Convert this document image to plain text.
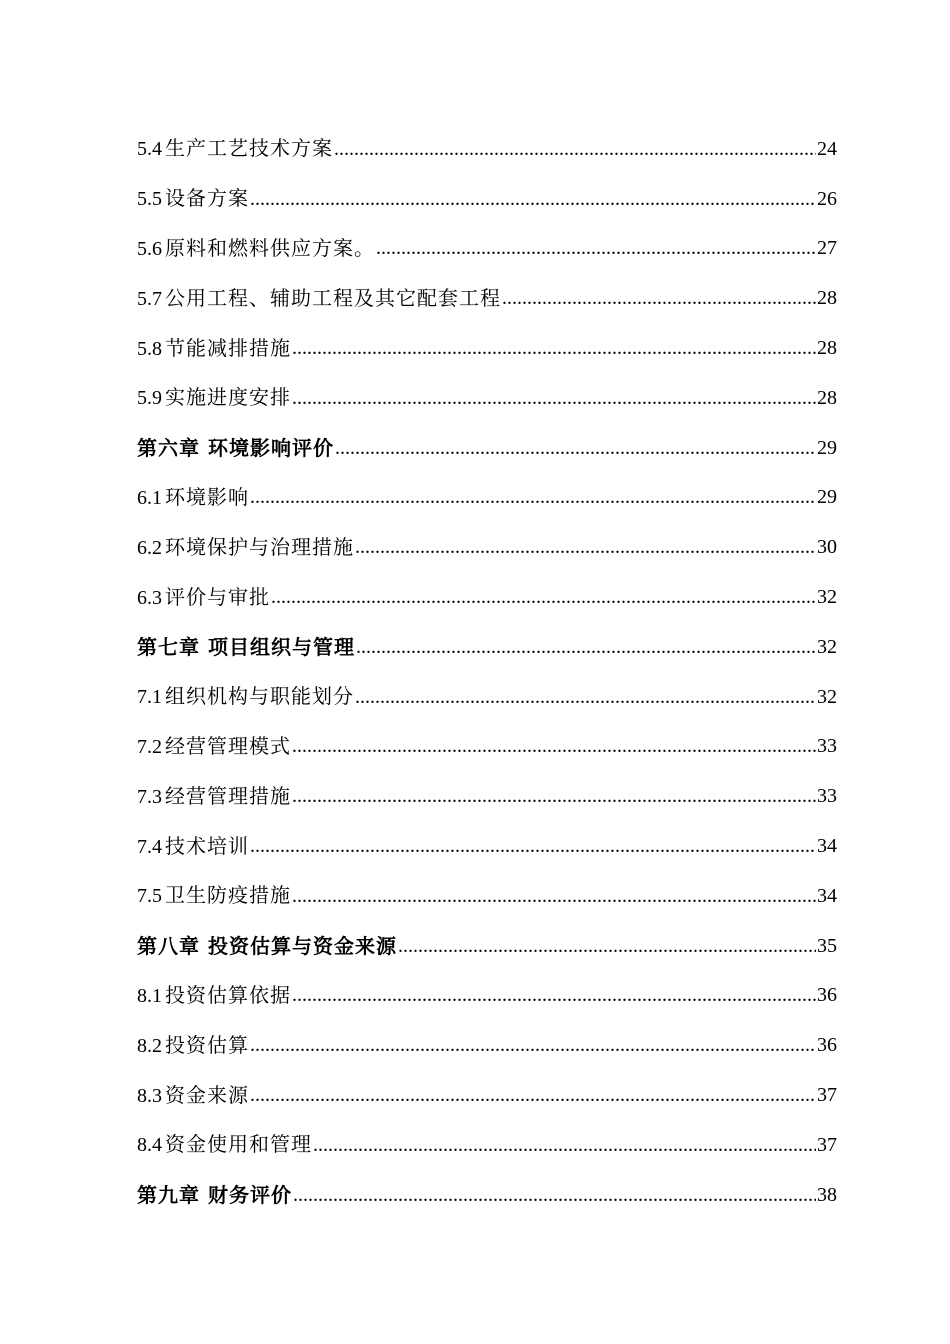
5.4 生产工艺技术方案 .....	24
5.5 设备方案 .....	26
5.6 原料和燃料供应方案。 .....	27
5.7 公用工程、辅助工程及其它配套工程 .....	28
5.8 节能减排措施 .....	28
5.9 实施进度安排 .....	28
第六章 环境影响评价 .....	29
6.1 环境影响 .....	29
6.2 环境保护与治理措施 .....	30
6.3 评价与审批 .....	32
第七章 项目组织与管理 .....	32
7.1 组织机构与职能划分 .....	32
7.2 经营管理模式 .....	33
7.3 经营管理措施 .....	33
7.4 技术培训 .....	34
7.5 卫生防疫措施 .....	34
第八章 投资估算与资金来源 .....	35
8.1 投资估算依据 .....	36
8.2 投资估算 .....	36
8.3 资金来源 .....	37
8.4 资金使用和管理 .....	37
第九章 财务评价 .....	38
